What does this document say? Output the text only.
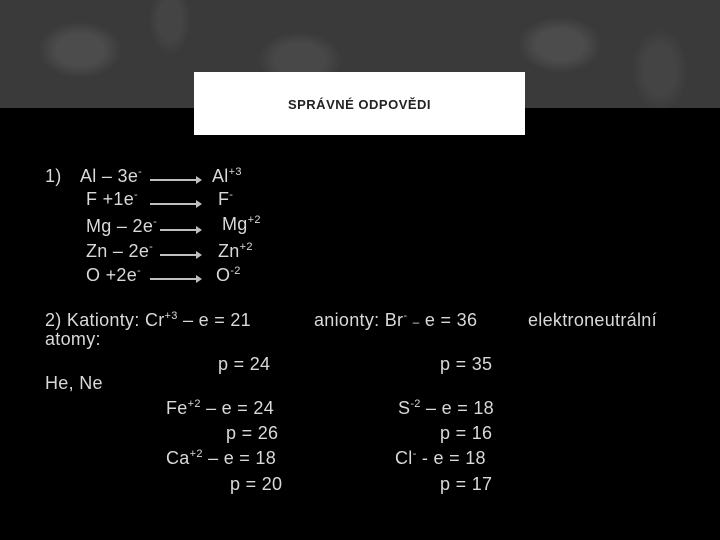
SPRÁVNÉ ODPOVĚDI
1) Al – 3e-
F +1e-
Mg – 2e-
Zn – 2e-
O +2e-
$Al^{+3}$
F-
$Mg^{+2}$
$Zn^{+2}$
$O^{-2}$
2) Kationty: $Cr^{+3} - e = 21$
atomy:
He, Ne
p = 24
anionty: Br- – e = 36
p = 35
elektroneutrální
$Fe^{+2} - e = 24$
p = 26
$Ca^{+2} - e = 18$
p = 20
$S^{-2} - e = 18$
p = 16
Cl- - e = 18
p = 17
